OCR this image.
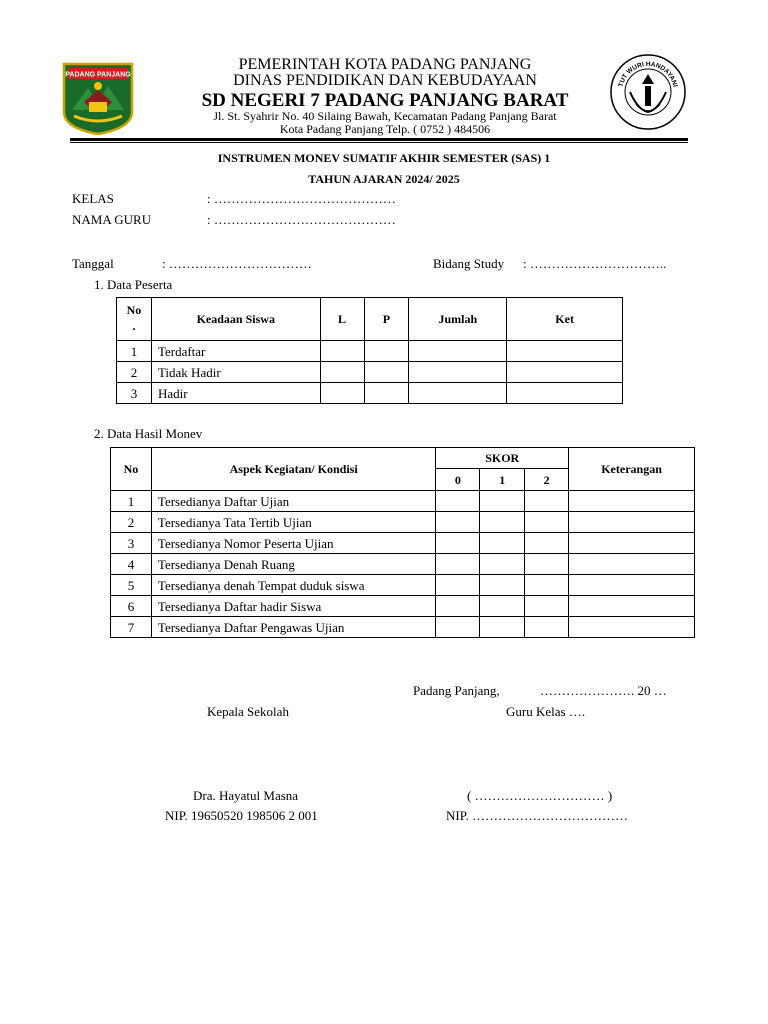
PADANG PANJANG
TUT WURI HANDAYANI
PEMERINTAH KOTA PADANG PANJANG
DINAS PENDIDIKAN DAN KEBUDAYAAN
SD NEGERI 7 PADANG PANJANG BARAT
Jl. St. Syahrir No. 40 Silaing Bawah, Kecamatan Padang Panjang Barat
Kota Padang Panjang Telp. ( 0752 ) 484506
INSTRUMEN MONEV SUMATIF AKHIR SEMESTER (SAS) 1
TAHUN AJARAN 2024/ 2025
KELAS	: ……………………………………
NAMA GURU	: ……………………………………
Tanggal	: ……………………………	Bidang Study : …………………………..
1. Data Peserta
No
.	Keadaan Siswa	L	P	Jumlah	Ket
1	Terdaftar				
2	Tidak Hadir				
3	Hadir				
2. Data Hasil Monev
No	Aspek Kegiatan/ Kondisi	SKOR			Keterangan
		0	1	2	
1	Tersedianya Daftar Ujian				
2	Tersedianya Tata Tertib Ujian				
3	Tersedianya Nomor Peserta Ujian				
4	Tersedianya Denah Ruang				
5	Tersedianya denah Tempat duduk siswa				
6	Tersedianya Daftar hadir Siswa				
7	Tersedianya Daftar Pengawas Ujian				
Padang Panjang,	…………………. 20 …
Kepala Sekolah	Guru Kelas ….
Dra. Hayatul Masna	( ………………………… )
NIP. 19650520 198506 2 001	NIP. ………………………………
